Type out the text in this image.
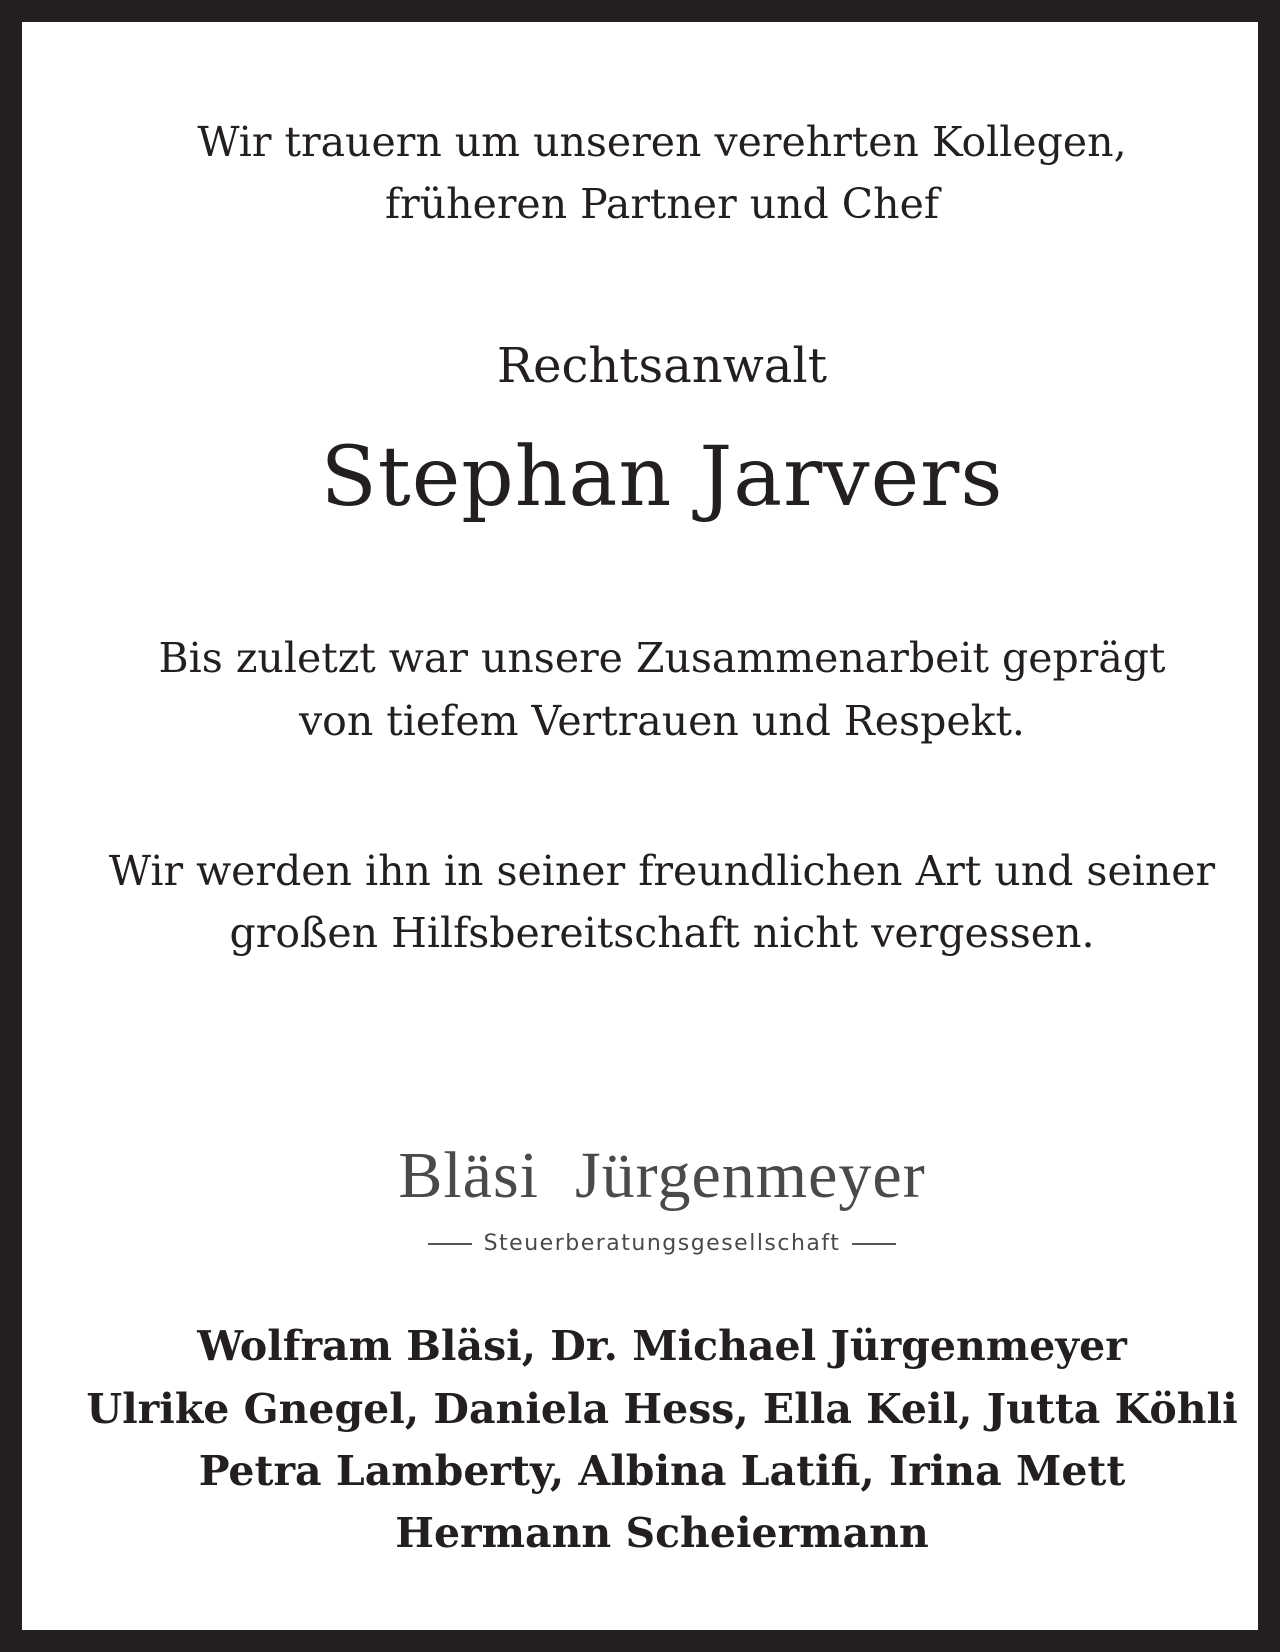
Wir trauern um unseren verehrten Kollegen,

früheren Partner und Chef

Rechtsanwalt

Stephan Jarvers

Bis zuletzt war unsere Zusammenarbeit geprägt

von tiefem Vertrauen und Respekt.

Wir werden ihn in seiner freundlichen Art und seiner

großen Hilfsbereitschaft nicht vergessen.

Bläsi Jürgenmeyer
Steuerberatungsgesellschaft

Wolfram Bläsi, Dr. Michael Jürgenmeyer

Ulrike Gnegel, Daniela Hess, Ella Keil, Jutta Köhli

Petra Lamberty, Albina Latifi, Irina Mett

Hermann Scheiermann
